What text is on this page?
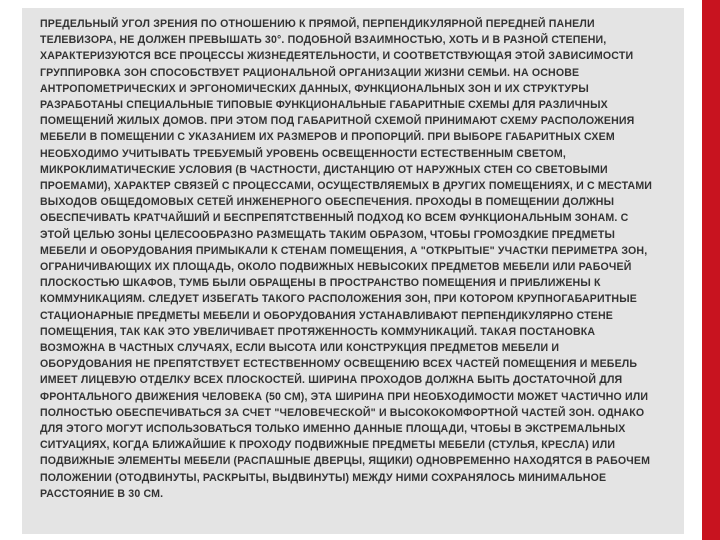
ПРЕДЕЛЬНЫЙ УГОЛ ЗРЕНИЯ ПО ОТНОШЕНИЮ К ПРЯМОЙ, ПЕРПЕНДИКУЛЯРНОЙ ПЕРЕДНЕЙ ПАНЕЛИ ТЕЛЕВИЗОРА, НЕ ДОЛЖЕН ПРЕВЫШАТЬ 30°. ПОДОБНОЙ ВЗАИМНОСТЬЮ, ХОТЬ И В РАЗНОЙ СТЕПЕНИ, ХАРАКТЕРИЗУЮТСЯ ВСЕ ПРОЦЕССЫ ЖИЗНЕДЕЯТЕЛЬНОСТИ, И СООТВЕТСТВУЮЩАЯ ЭТОЙ ЗАВИСИМОСТИ ГРУППИРОВКА ЗОН СПОСОБСТВУЕТ РАЦИОНАЛЬНОЙ ОРГАНИЗАЦИИ ЖИЗНИ СЕМЬИ. НА ОСНОВЕ АНТРОПОМЕТРИЧЕСКИХ И ЭРГОНОМИЧЕСКИХ ДАННЫХ, ФУНКЦИОНАЛЬНЫХ ЗОН И ИХ СТРУКТУРЫ РАЗРАБОТАНЫ СПЕЦИАЛЬНЫЕ ТИПОВЫЕ ФУНКЦИОНАЛЬНЫЕ ГАБАРИТНЫЕ СХЕМЫ ДЛЯ РАЗЛИЧНЫХ ПОМЕЩЕНИЙ ЖИЛЫХ ДОМОВ. ПРИ ЭТОМ ПОД ГАБАРИТНОЙ СХЕМОЙ ПРИНИМАЮТ СХЕМУ РАСПОЛОЖЕНИЯ МЕБЕЛИ В ПОМЕЩЕНИИ С УКАЗАНИЕМ ИХ РАЗМЕРОВ И ПРОПОРЦИЙ. ПРИ ВЫБОРЕ ГАБАРИТНЫХ СХЕМ НЕОБХОДИМО УЧИТЫВАТЬ ТРЕБУЕМЫЙ УРОВЕНЬ ОСВЕЩЕННОСТИ ЕСТЕСТВЕННЫМ СВЕТОМ, МИКРОКЛИМАТИЧЕСКИЕ УСЛОВИЯ (В ЧАСТНОСТИ, ДИСТАНЦИЮ ОТ НАРУЖНЫХ СТЕН СО СВЕТОВЫМИ ПРОЕМАМИ), ХАРАКТЕР СВЯЗЕЙ С ПРОЦЕССАМИ, ОСУЩЕСТВЛЯЕМЫХ В ДРУГИХ ПОМЕЩЕНИЯХ, И С МЕСТАМИ ВЫХОДОВ ОБЩЕДОМОВЫХ СЕТЕЙ ИНЖЕНЕРНОГО ОБЕСПЕЧЕНИЯ. ПРОХОДЫ В ПОМЕЩЕНИИ ДОЛЖНЫ ОБЕСПЕЧИВАТЬ КРАТЧАЙШИЙ И БЕСПРЕПЯТСТВЕННЫЙ ПОДХОД КО ВСЕМ ФУНКЦИОНАЛЬНЫМ ЗОНАМ. С ЭТОЙ ЦЕЛЬЮ ЗОНЫ ЦЕЛЕСООБРАЗНО РАЗМЕЩАТЬ ТАКИМ ОБРАЗОМ, ЧТОБЫ ГРОМОЗДКИЕ ПРЕДМЕТЫ МЕБЕЛИ И ОБОРУДОВАНИЯ ПРИМЫКАЛИ К СТЕНАМ ПОМЕЩЕНИЯ, А "ОТКРЫТЫЕ" УЧАСТКИ ПЕРИМЕТРА ЗОН, ОГРАНИЧИВАЮЩИХ ИХ ПЛОЩАДЬ, ОКОЛО ПОДВИЖНЫХ НЕВЫСОКИХ ПРЕДМЕТОВ МЕБЕЛИ ИЛИ РАБОЧЕЙ ПЛОСКОСТЬЮ ШКАФОВ, ТУМБ БЫЛИ ОБРАЩЕНЫ В ПРОСТРАНСТВО ПОМЕЩЕНИЯ И ПРИБЛИЖЕНЫ К КОММУНИКАЦИЯМ. СЛЕДУЕТ ИЗБЕГАТЬ ТАКОГО РАСПОЛОЖЕНИЯ ЗОН, ПРИ КОТОРОМ КРУПНОГАБАРИТНЫЕ СТАЦИОНАРНЫЕ ПРЕДМЕТЫ МЕБЕЛИ И ОБОРУДОВАНИЯ УСТАНАВЛИВАЮТ ПЕРПЕНДИКУЛЯРНО СТЕНЕ ПОМЕЩЕНИЯ, ТАК КАК ЭТО УВЕЛИЧИВАЕТ ПРОТЯЖЕННОСТЬ КОММУНИКАЦИЙ. ТАКАЯ ПОСТАНОВКА ВОЗМОЖНА В ЧАСТНЫХ СЛУЧАЯХ, ЕСЛИ ВЫСОТА ИЛИ КОНСТРУКЦИЯ ПРЕДМЕТОВ МЕБЕЛИ И ОБОРУДОВАНИЯ НЕ ПРЕПЯТСТВУЕТ ЕСТЕСТВЕННОМУ ОСВЕЩЕНИЮ ВСЕХ ЧАСТЕЙ ПОМЕЩЕНИЯ И МЕБЕЛЬ ИМЕЕТ ЛИЦЕВУЮ ОТДЕЛКУ ВСЕХ ПЛОСКОСТЕЙ. ШИРИНА ПРОХОДОВ ДОЛЖНА БЫТЬ ДОСТАТОЧНОЙ ДЛЯ ФРОНТАЛЬНОГО ДВИЖЕНИЯ ЧЕЛОВЕКА (50 СМ), ЭТА ШИРИНА ПРИ НЕОБХОДИМОСТИ МОЖЕТ ЧАСТИЧНО ИЛИ ПОЛНОСТЬЮ ОБЕСПЕЧИВАТЬСЯ ЗА СЧЕТ "ЧЕЛОВЕЧЕСКОЙ" И ВЫСОКОКОМФОРТНОЙ ЧАСТЕЙ ЗОН. ОДНАКО ДЛЯ ЭТОГО МОГУТ ИСПОЛЬЗОВАТЬСЯ ТОЛЬКО ИМЕННО ДАННЫЕ ПЛОЩАДИ, ЧТОБЫ В ЭКСТРЕМАЛЬНЫХ СИТУАЦИЯХ, КОГДА БЛИЖАЙШИЕ К ПРОХОДУ ПОДВИЖНЫЕ ПРЕДМЕТЫ МЕБЕЛИ (СТУЛЬЯ, КРЕСЛА) ИЛИ ПОДВИЖНЫЕ ЭЛЕМЕНТЫ МЕБЕЛИ (РАСПАШНЫЕ ДВЕРЦЫ, ЯЩИКИ) ОДНОВРЕМЕННО НАХОДЯТСЯ В РАБОЧЕМ ПОЛОЖЕНИИ (ОТОДВИНУТЫ, РАСКРЫТЫ, ВЫДВИНУТЫ) МЕЖДУ НИМИ СОХРАНЯЛОСЬ МИНИМАЛЬНОЕ РАССТОЯНИЕ В 30 СМ.
